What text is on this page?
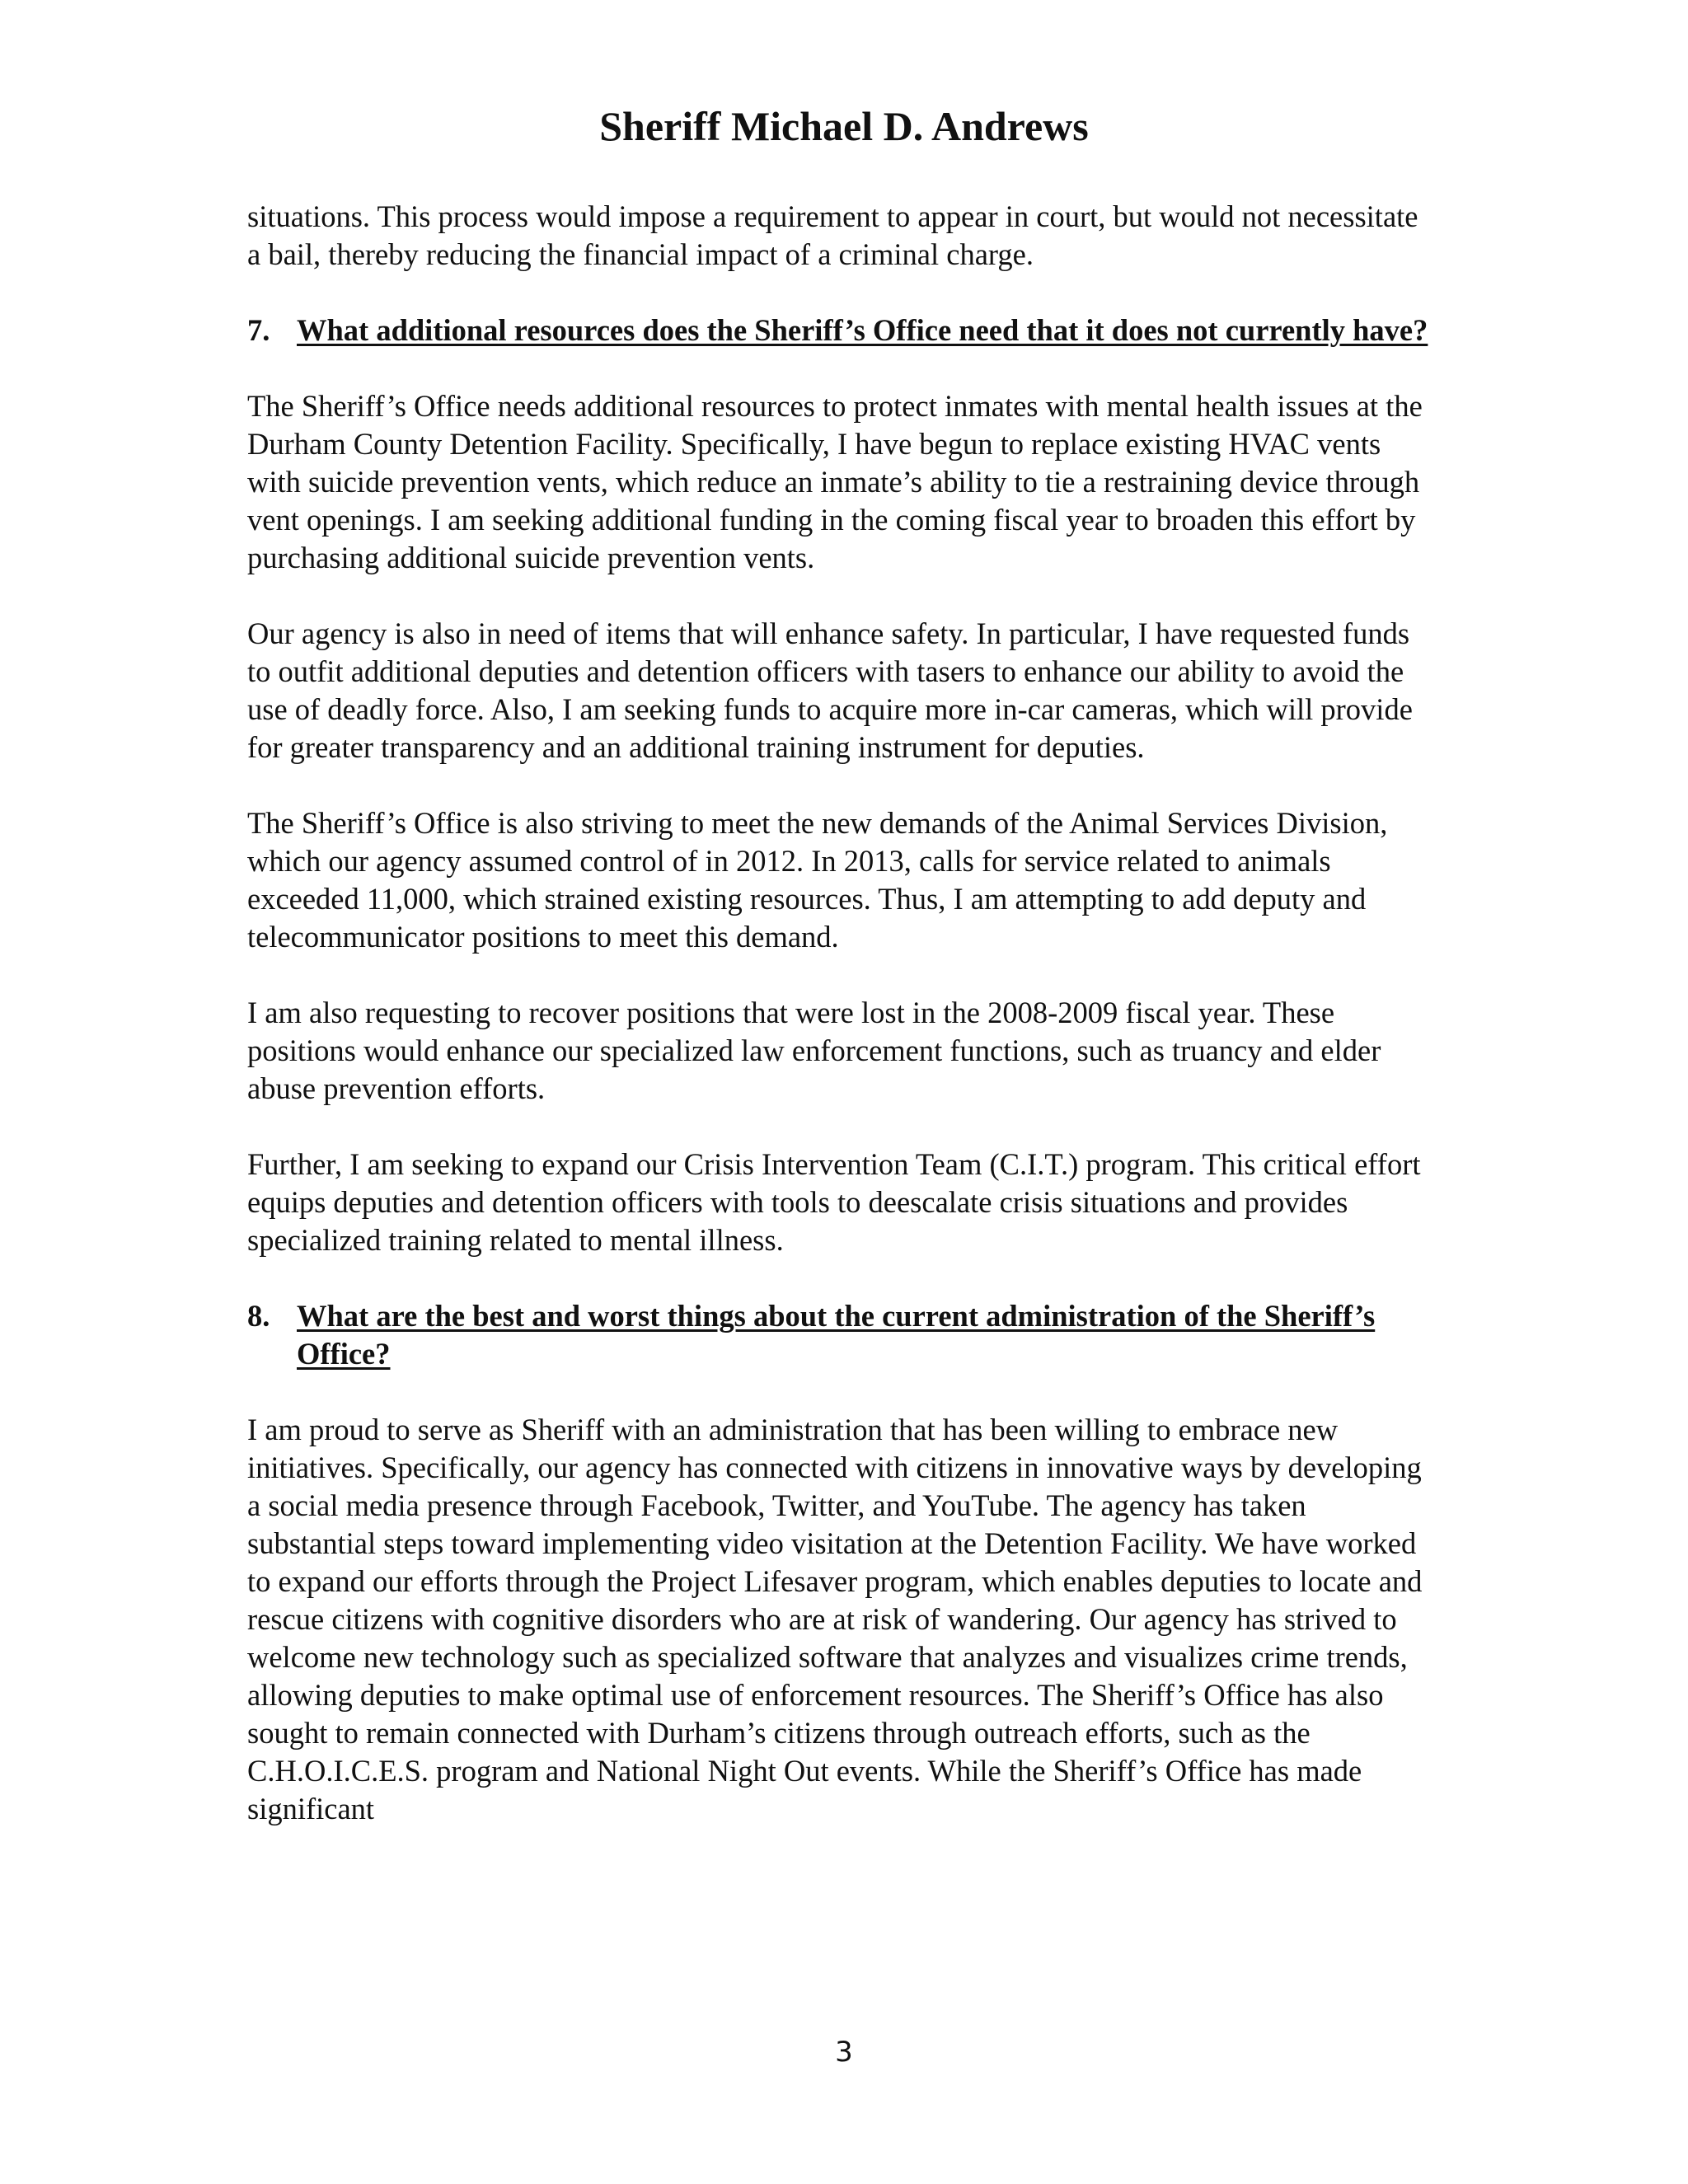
Sheriff Michael D. Andrews

situations. This process would impose a requirement to appear in court, but would not necessitate a bail, thereby reducing the financial impact of a criminal charge.

7. What additional resources does the Sheriff’s Office need that it does not currently have?

The Sheriff’s Office needs additional resources to protect inmates with mental health issues at the Durham County Detention Facility. Specifically, I have begun to replace existing HVAC vents with suicide prevention vents, which reduce an inmate’s ability to tie a restraining device through vent openings. I am seeking additional funding in the coming fiscal year to broaden this effort by purchasing additional suicide prevention vents.

Our agency is also in need of items that will enhance safety. In particular, I have requested funds to outfit additional deputies and detention officers with tasers to enhance our ability to avoid the use of deadly force. Also, I am seeking funds to acquire more in-car cameras, which will provide for greater transparency and an additional training instrument for deputies.

The Sheriff’s Office is also striving to meet the new demands of the Animal Services Division, which our agency assumed control of in 2012. In 2013, calls for service related to animals exceeded 11,000, which strained existing resources. Thus, I am attempting to add deputy and telecommunicator positions to meet this demand.

I am also requesting to recover positions that were lost in the 2008-2009 fiscal year. These positions would enhance our specialized law enforcement functions, such as truancy and elder abuse prevention efforts.

Further, I am seeking to expand our Crisis Intervention Team (C.I.T.) program. This critical effort equips deputies and detention officers with tools to deescalate crisis situations and provides specialized training related to mental illness.

8. What are the best and worst things about the current administration of the Sheriff’s Office?

I am proud to serve as Sheriff with an administration that has been willing to embrace new initiatives. Specifically, our agency has connected with citizens in innovative ways by developing a social media presence through Facebook, Twitter, and YouTube. The agency has taken substantial steps toward implementing video visitation at the Detention Facility. We have worked to expand our efforts through the Project Lifesaver program, which enables deputies to locate and rescue citizens with cognitive disorders who are at risk of wandering. Our agency has strived to welcome new technology such as specialized software that analyzes and visualizes crime trends, allowing deputies to make optimal use of enforcement resources. The Sheriff’s Office has also sought to remain connected with Durham’s citizens through outreach efforts, such as the C.H.O.I.C.E.S. program and National Night Out events. While the Sheriff’s Office has made significant

3
